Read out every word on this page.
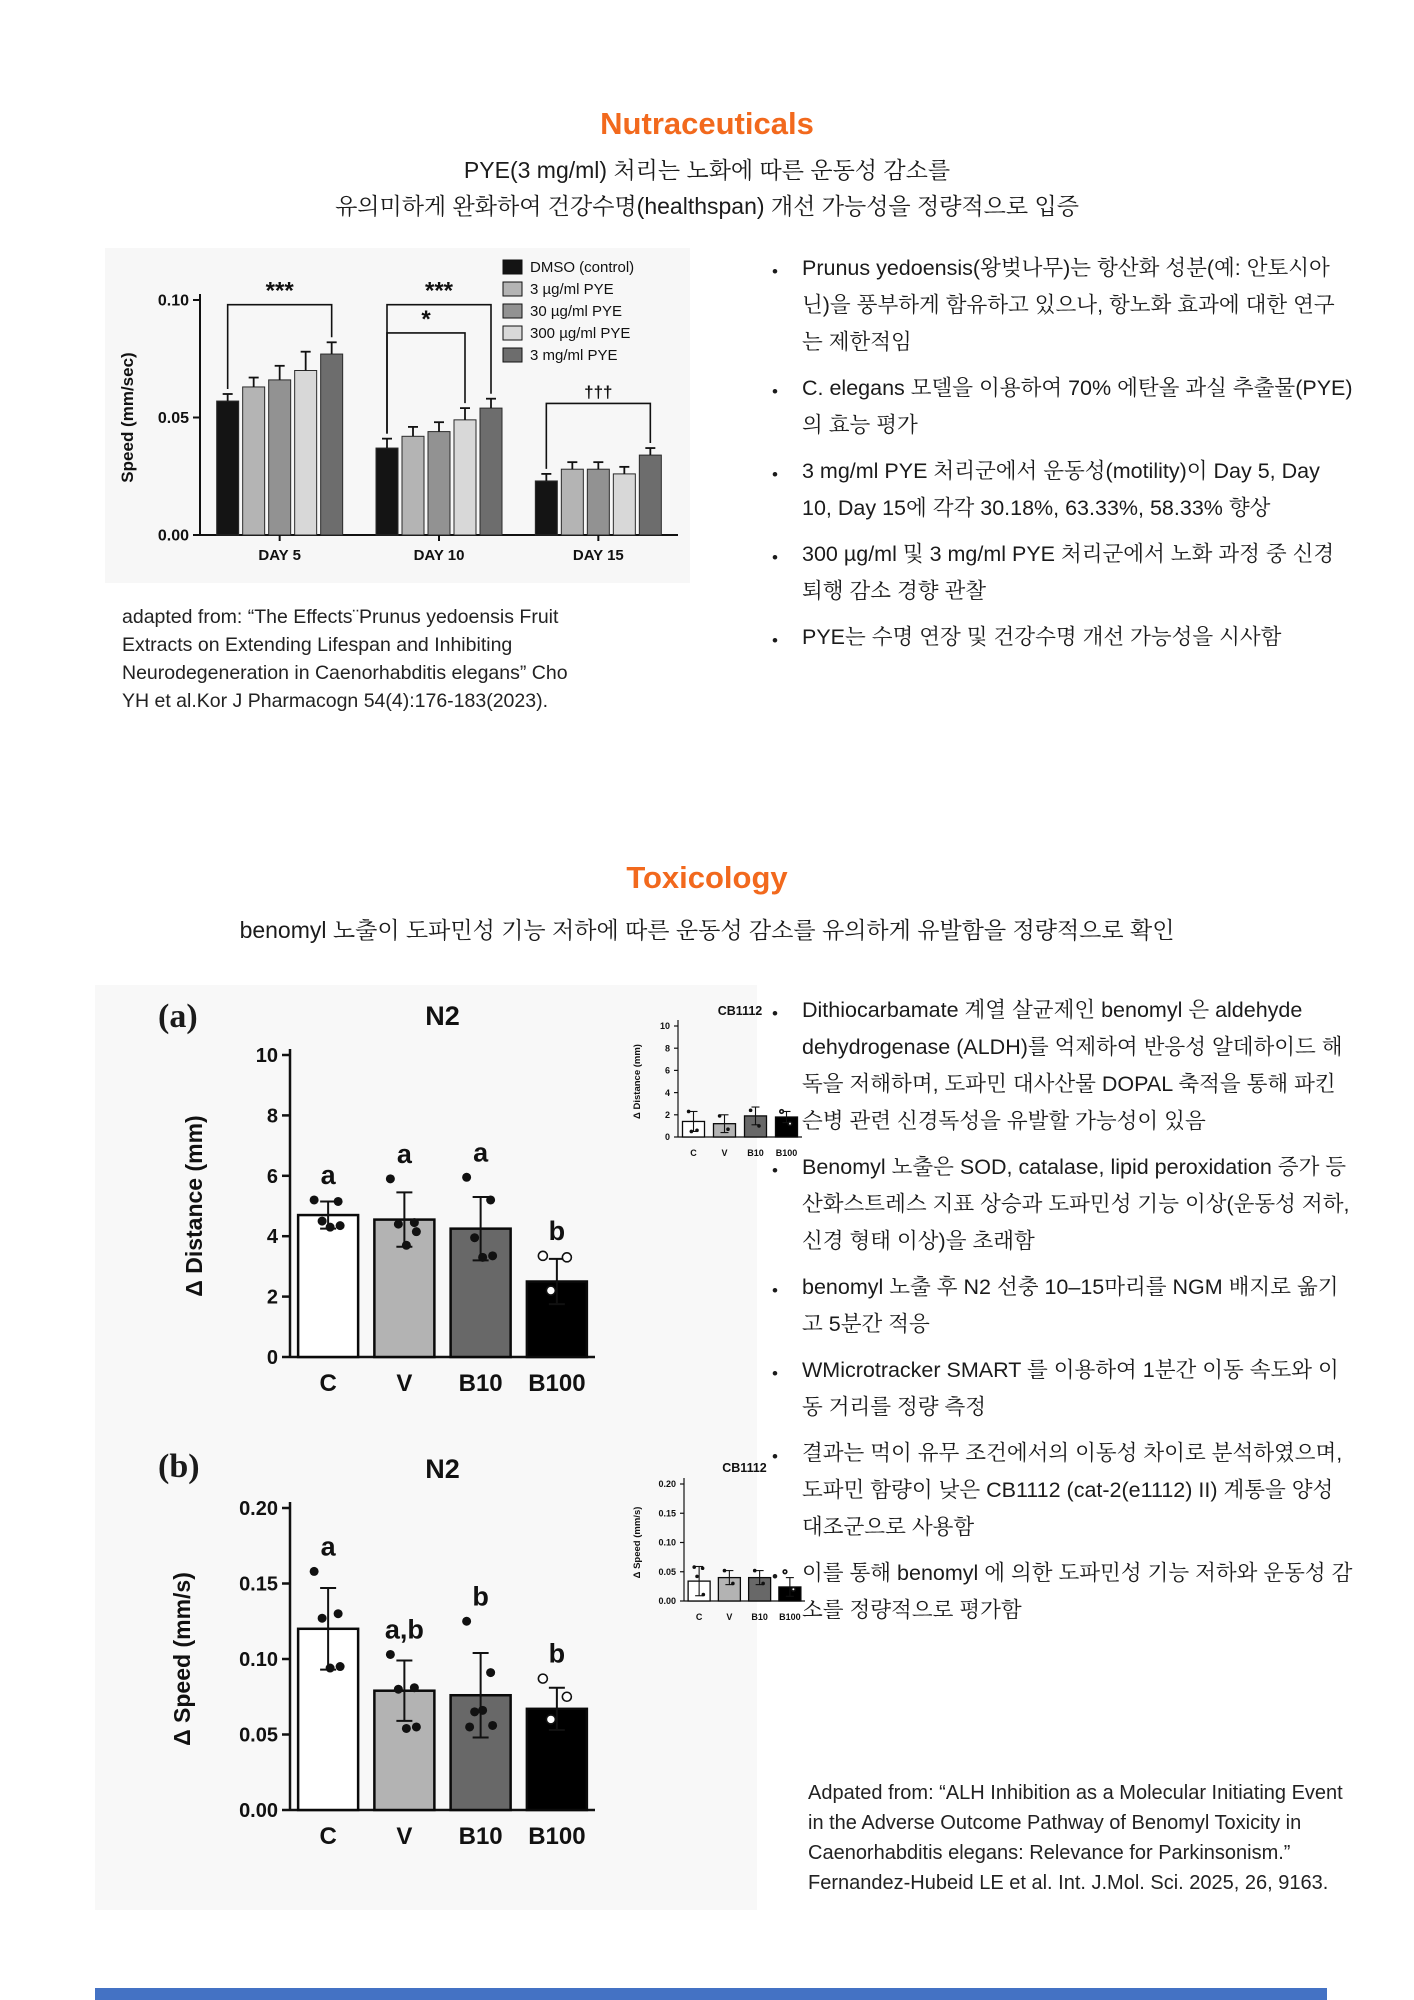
Nutraceuticals
PYE(3 mg/ml) 처리는 노화에 따른 운동성 감소를
유의미하게 완화하여 건강수명(healthspan) 개선 가능성을 정량적으로 입증
0.00
0.05
0.10
Speed (mm/sec)
DAY 5	DAY 10	DAY 15
***	***
*
†††
DMSO (control)
3 µg/ml PYE
30 µg/ml PYE
300 µg/ml PYE
3 mg/ml PYE
adapted from: “The Effects¨Prunus yedoensis Fruit Extracts on Extending Lifespan and Inhibiting Neurodegeneration in Caenorhabditis elegans” Cho YH et al.Kor J Pharmacogn 54(4):176-183(2023).
•	Prunus yedoensis(왕벚나무)는 항산화 성분(예: 안토시아닌)을 풍부하게 함유하고 있으나, 항노화 효과에 대한 연구는 제한적임
•	C. elegans 모델을 이용하여 70% 에탄올 과실 추출물(PYE)의 효능 평가
•	3 mg/ml PYE 처리군에서 운동성(motility)이 Day 5, Day 10, Day 15에 각각 30.18%, 63.33%, 58.33% 향상
•	300 µg/ml 및 3 mg/ml PYE 처리군에서 노화 과정 중 신경퇴행 감소 경향 관찰
•	PYE는 수명 연장 및 건강수명 개선 가능성을 시사함
Toxicology
benomyl 노출이 도파민성 기능 저하에 따른 운동성 감소를 유의하게 유발함을 정량적으로 확인
(a)
0
2
4
6
8
10
Δ Distance (mm)
N2
a
C
a
V
a
B10
b
B100
0
2
4
6
8
10
Δ Distance (mm)
CB1112
C	V B10 B100
(b)
0.00
0.05
0.10
0.15
0.20
Δ Speed (mm/s)
N2
a
C
a,b
V
b
B10
b
B100
0.00
0.05
0.10
0.15
0.20
Δ Speed (mm/s)
CB1112
C	V B10 B100
•	Dithiocarbamate 계열 살균제인 benomyl 은 aldehyde dehydrogenase (ALDH)를 억제하여 반응성 알데하이드 해독을 저해하며, 도파민 대사산물 DOPAL 축적을 통해 파킨슨병 관련 신경독성을 유발할 가능성이 있음
•	Benomyl 노출은 SOD, catalase, lipid peroxidation 증가 등 산화스트레스 지표 상승과 도파민성 기능 이상(운동성 저하, 신경 형태 이상)을 초래함
•	benomyl 노출 후 N2 선충 10–15마리를 NGM 배지로 옮기고 5분간 적응
•	WMicrotracker SMART 를 이용하여 1분간 이동 속도와 이동 거리를 정량 측정
•	결과는 먹이 유무 조건에서의 이동성 차이로 분석하였으며, 도파민 함량이 낮은 CB1112 (cat-2(e1112) II) 계통을 양성 대조군으로 사용함
•	이를 통해 benomyl 에 의한 도파민성 기능 저하와 운동성 감소를 정량적으로 평가함
Adpated from: “ALH Inhibition as a Molecular Initiating Event in the Adverse Outcome Pathway of Benomyl Toxicity in Caenorhabditis elegans: Relevance for Parkinsonism.” Fernandez-Hubeid LE et al. Int. J.Mol. Sci. 2025, 26, 9163.
